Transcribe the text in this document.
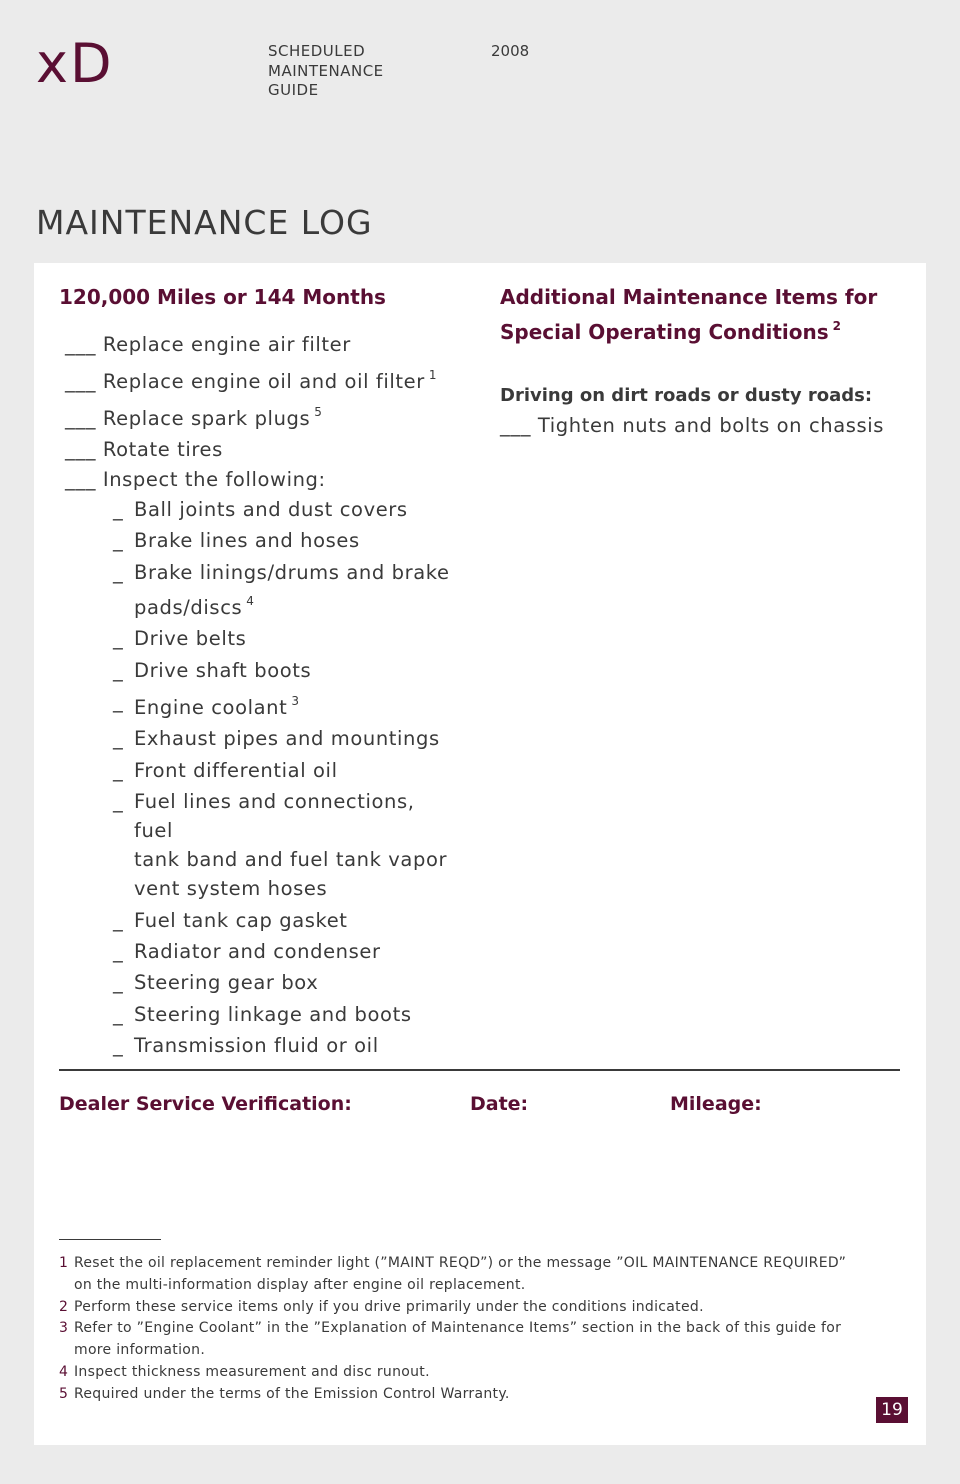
xD	SCHEDULED
MAINTENANCE
GUIDE
2008
MAINTENANCE LOG
120,000 Miles or 144 Months
___ Replace engine air filter
___ Replace engine oil and oil filter $^1$
___ Replace spark plugs $^5$
___ Rotate tires
___ Inspect the following:
_ Ball joints and dust covers
_ Brake lines and hoses
_ Brake linings/drums and brake
pads/discs $^4$
_ Drive belts
_ Drive shaft boots
_ Engine coolant $^3$
_ Exhaust pipes and mountings
_ Front differential oil
_ Fuel lines and connections, fuel
tank band and fuel tank vapor
vent system hoses
_ Fuel tank cap gasket
_ Radiator and condenser
_ Steering gear box
_ Steering linkage and boots
_ Transmission fluid or oil
Additional Maintenance Items for
Special Operating Conditions $^2$

Driving on dirt roads or dusty roads:

___ Tighten nuts and bolts on chassis

Dealer Service Verification:	Date:	Mileage:
1 Reset the oil replacement reminder light (”MAINT REQD”) or the message ”OIL MAINTENANCE REQUIRED”
on the multi-information display after engine oil replacement.
2 Perform these service items only if you drive primarily under the conditions indicated.
3 Refer to ”Engine Coolant” in the ”Explanation of Maintenance Items” section in the back of this guide for
more information.
4 Inspect thickness measurement and disc runout.
5 Required under the terms of the Emission Control Warranty.
19
